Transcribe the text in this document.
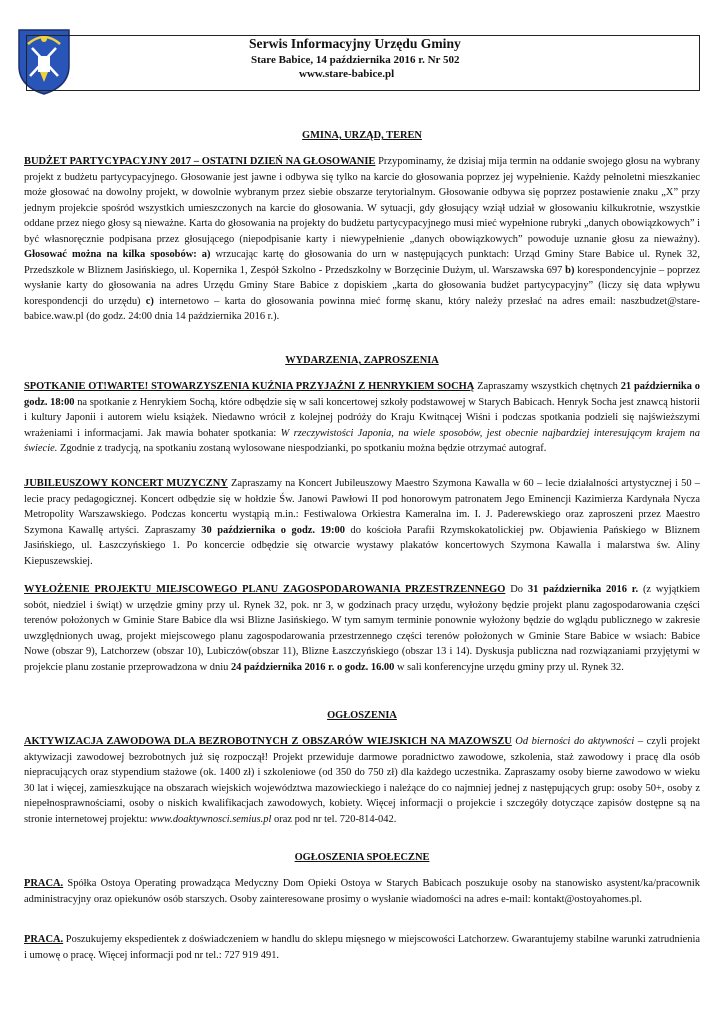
Serwis Informacyjny Urzędu Gminy
Stare Babice, 14 października 2016 r. Nr 502
www.stare-babice.pl
GMINA, URZĄD, TEREN
BUDŻET PARTYCYPACYJNY 2017 – OSTATNI DZIEŃ NA GŁOSOWANIE Przypominamy, że dzisiaj mija termin na oddanie swojego głosu na wybrany projekt z budżetu partycypacyjnego. Głosowanie jest jawne i odbywa się tylko na karcie do głosowania poprzez jej wypełnienie. Każdy pełnoletni mieszkaniec może głosować na dowolny projekt, w dowolnie wybranym przez siebie obszarze terytorialnym. Głosowanie odbywa się poprzez postawienie znaku „X” przy jednym projekcie spośród wszystkich umieszczonych na karcie do głosowania. W sytuacji, gdy głosujący wziął udział w głosowaniu kilkukrotnie, wszystkie oddane przez niego głosy są nieważne. Karta do głosowania na projekty do budżetu partycypacyjnego musi mieć wypełnione rubryki „danych obowiązkowych” i być własnoręcznie podpisana przez głosującego (niepodpisanie karty i niewypełnienie „danych obowiązkowych” powoduje uznanie głosu za nieważny). Głosować można na kilka sposobów: a) wrzucając kartę do głosowania do urn w następujących punktach: Urząd Gminy Stare Babice ul. Rynek 32, Przedszkole w Bliznem Jasińskiego, ul. Kopernika 1, Zespół Szkolno - Przedszkolny w Borzęcinie Dużym, ul. Warszawska 697 b) korespondencyjnie – poprzez wysłanie karty do głosowania na adres Urzędu Gminy Stare Babice z dopiskiem „karta do głosowania budżet partycypacyjny” (liczy się data wpływu korespondencji do urzędu) c) internetowo – karta do głosowania powinna mieć formę skanu, który należy przesłać na adres email: naszbudzet@stare-babice.waw.pl (do godz. 24:00 dnia 14 października 2016 r.).
WYDARZENIA, ZAPROSZENIA
SPOTKANIE OT!WARTE! STOWARZYSZENIA KUŹNIA PRZYJAŹNI Z HENRYKIEM SOCHĄ Zapraszamy wszystkich chętnych 21 października o godz. 18:00 na spotkanie z Henrykiem Sochą, które odbędzie się w sali koncertowej szkoły podstawowej w Starych Babicach. Henryk Socha jest znawcą historii i kultury Japonii i autorem wielu książek. Niedawno wrócił z kolejnej podróży do Kraju Kwitnącej Wiśni i podczas spotkania podzieli się najświeższymi wrażeniami i informacjami. Jak mawia bohater spotkania: W rzeczywistości Japonia, na wiele sposobów, jest obecnie najbardziej interesującym krajem na świecie. Zgodnie z tradycją, na spotkaniu zostaną wylosowane niespodzianki, po spotkaniu można będzie otrzymać autograf.
JUBILEUSZOWY KONCERT MUZYCZNY Zapraszamy na Koncert Jubileuszowy Maestro Szymona Kawalla w 60 – lecie działalności artystycznej i 50 – lecie pracy pedagogicznej. Koncert odbędzie się w hołdzie Św. Janowi Pawłowi II pod honorowym patronatem Jego Eminencji Kazimierza Kardynała Nycza Metropolity Warszawskiego. Podczas koncertu wystąpią m.in.: Festiwalowa Orkiestra Kameralna im. I. J. Paderewskiego oraz zaproszeni przez Maestro Szymona Kawallę artyści. Zapraszamy 30 października o godz. 19:00 do kościoła Parafii Rzymskokatolickiej pw. Objawienia Pańskiego w Bliznem Jasińskiego, ul. Łaszczyńskiego 1. Po koncercie odbędzie się otwarcie wystawy plakatów koncertowych Szymona Kawalla i malarstwa św. Aliny Kiepuszewskiej.
WYŁOŻENIE PROJEKTU MIEJSCOWEGO PLANU ZAGOSPODAROWANIA PRZESTRZENNEGO Do 31 października 2016 r. (z wyjątkiem sobót, niedziel i świąt) w urzędzie gminy przy ul. Rynek 32, pok. nr 3, w godzinach pracy urzędu, wyłożony będzie projekt planu zagospodarowania części terenów położonych w Gminie Stare Babice dla wsi Blizne Jasińskiego. W tym samym terminie ponownie wyłożony będzie do wglądu publicznego w zakresie uwzględnionych uwag, projekt miejscowego planu zagospodarowania przestrzennego części terenów położonych w Gminie Stare Babice w wsiach: Babice Nowe (obszar 9), Latchorzew (obszar 10), Lubiczów(obszar 11), Blizne Łaszczyńskiego (obszar 13 i 14). Dyskusja publiczna nad rozwiązaniami przyjętymi w projekcie planu zostanie przeprowadzona w dniu 24 października 2016 r. o godz. 16.00 w sali konferencyjne urzędu gminy przy ul. Rynek 32.
OGŁOSZENIA
AKTYWIZACJA ZAWODOWA DLA BEZROBOTNYCH Z OBSZARÓW WIEJSKICH NA MAZOWSZU Od bierności do aktywności – czyli projekt aktywizacji zawodowej bezrobotnych już się rozpoczął! Projekt przewiduje darmowe poradnictwo zawodowe, szkolenia, staż zawodowy i pracę dla osób niepracujących oraz stypendium stażowe (ok. 1400 zł) i szkoleniowe (od 350 do 750 zł) dla każdego uczestnika. Zapraszamy osoby bierne zawodowo w wieku 30 lat i więcej, zamieszkujące na obszarach wiejskich województwa mazowieckiego i należące do co najmniej jednej z następujących grup: osoby 50+, osoby z niepełnosprawnościami, osoby o niskich kwalifikacjach zawodowych, kobiety. Więcej informacji o projekcie i szczegóły dotyczące zapisów dostępne są na stronie internetowej projektu: www.doaktywnosci.semius.pl oraz pod nr tel. 720-814-042.
OGŁOSZENIA SPOŁECZNE
PRACA. Spółka Ostoya Operating prowadząca Medyczny Dom Opieki Ostoya w Starych Babicach poszukuje osoby na stanowisko asystent/ka/pracownik administracyjny oraz opiekunów osób starszych. Osoby zainteresowane prosimy o wysłanie wiadomości na adres e-mail: kontakt@ostoyahomes.pl.
PRACA. Poszukujemy ekspedientek z doświadczeniem w handlu do sklepu mięsnego w miejscowości Latchorzew. Gwarantujemy stabilne warunki zatrudnienia i umowę o pracę. Więcej informacji pod nr tel.: 727 919 491.
